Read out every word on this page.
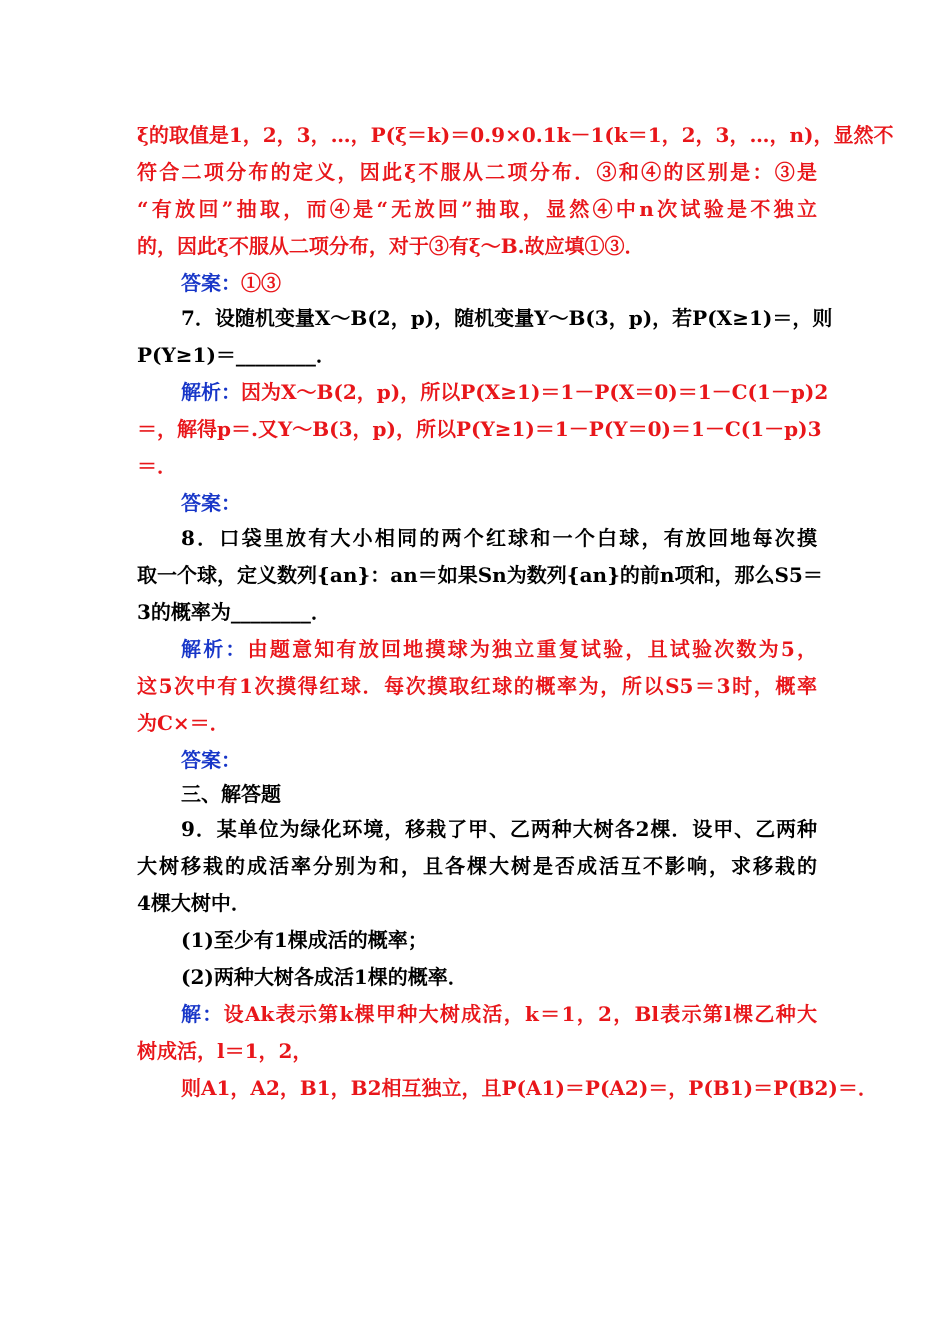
ξ的取值是1，2，3，…，P(ξ＝k)＝0.9×0.1k－1(k＝1，2，3，…，n)，显然不
符合二项分布的定义，因此ξ不服从二项分布．③和④的区别是：③是
“有放回”抽取，而④是“无放回”抽取，显然④中n次试验是不独立
的，因此ξ不服从二项分布，对于③有ξ～B.故应填①③．
答案：①③
7．设随机变量X～B(2，p)，随机变量Y～B(3，p)，若P(X≥1)＝，则
P(Y≥1)＝________．
解析：因为X～B(2，p)，所以P(X≥1)＝1－P(X＝0)＝1－C(1－p)2
＝，解得p＝.又Y～B(3，p)，所以P(Y≥1)＝1－P(Y＝0)＝1－C(1－p)3
＝．
答案：
8．口袋里放有大小相同的两个红球和一个白球，有放回地每次摸
取一个球，定义数列{an}：an＝如果Sn为数列{an}的前n项和，那么S5＝
3的概率为________．
解析：由题意知有放回地摸球为独立重复试验，且试验次数为5，
这5次中有1次摸得红球．每次摸取红球的概率为，所以S5＝3时，概率
为C×＝．
答案：
三、解答题
9．某单位为绿化环境，移栽了甲、乙两种大树各2棵．设甲、乙两种
大树移栽的成活率分别为和，且各棵大树是否成活互不影响，求移栽的
4棵大树中．
(1)至少有1棵成活的概率；
(2)两种大树各成活1棵的概率．
解：设Ak表示第k棵甲种大树成活，k＝1，2，Bl表示第l棵乙种大
树成活，l＝1，2，
则A1，A2，B1，B2相互独立，且P(A1)＝P(A2)＝，P(B1)＝P(B2)＝．
